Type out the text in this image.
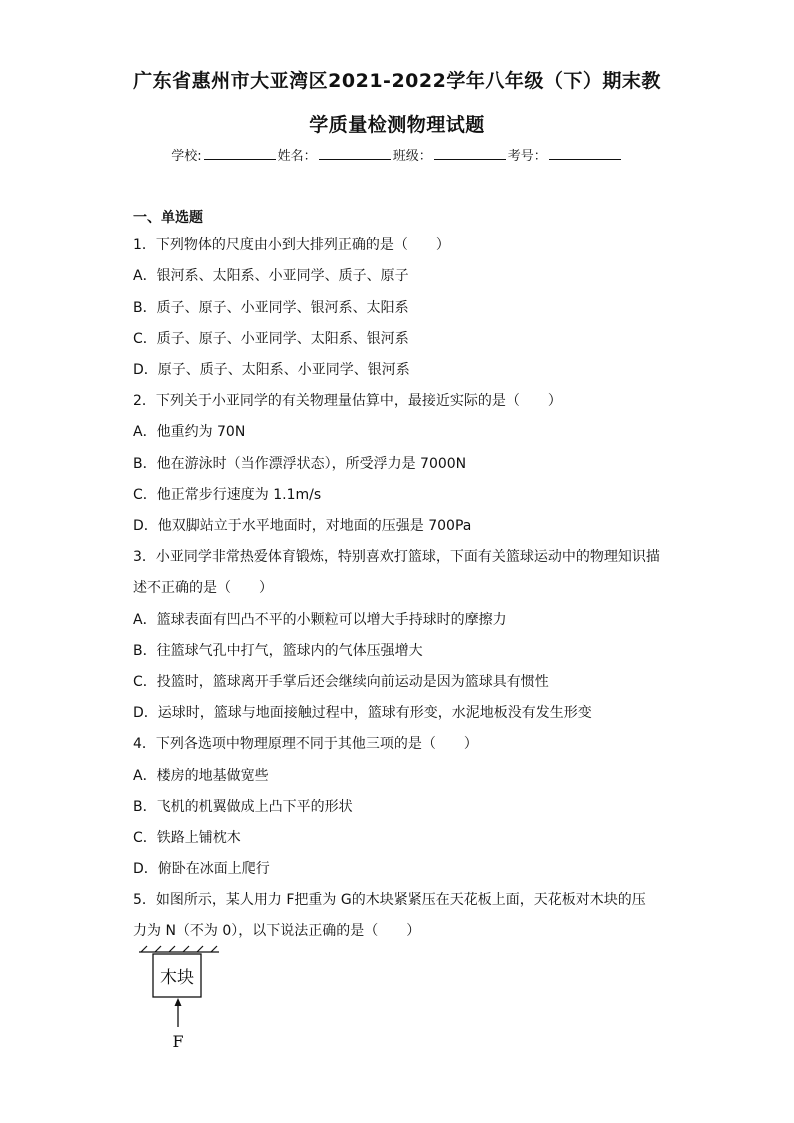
广东省惠州市大亚湾区2021-2022学年八年级（下）期末教
学质量检测物理试题
学校:	姓名：	班级：	考号：
一、单选题
1．下列物体的尺度由小到大排列正确的是（　　）
A．银河系、太阳系、小亚同学、质子、原子
B．质子、原子、小亚同学、银河系、太阳系
C．质子、原子、小亚同学、太阳系、银河系
D．原子、质子、太阳系、小亚同学、银河系
2．下列关于小亚同学的有关物理量估算中，最接近实际的是（　　）
A．他重约为 70N
B．他在游泳时（当作漂浮状态），所受浮力是 7000N
C．他正常步行速度为 1.1m/s
D．他双脚站立于水平地面时，对地面的压强是 700Pa
3．小亚同学非常热爱体育锻炼，特别喜欢打篮球，下面有关篮球运动中的物理知识描
述不正确的是（　　）
A．篮球表面有凹凸不平的小颗粒可以增大手持球时的摩擦力
B．往篮球气孔中打气，篮球内的气体压强增大
C．投篮时，篮球离开手掌后还会继续向前运动是因为篮球具有惯性
D．运球时，篮球与地面接触过程中，篮球有形变，水泥地板没有发生形变
4．下列各选项中物理原理不同于其他三项的是（　　）
A．楼房的地基做宽些
B．飞机的机翼做成上凸下平的形状
C．铁路上铺枕木
D．俯卧在冰面上爬行
5．如图所示，某人用力 F把重为 G的木块紧紧压在天花板上面，天花板对木块的压
力为 N（不为 0），以下说法正确的是（　　）
木块
F
